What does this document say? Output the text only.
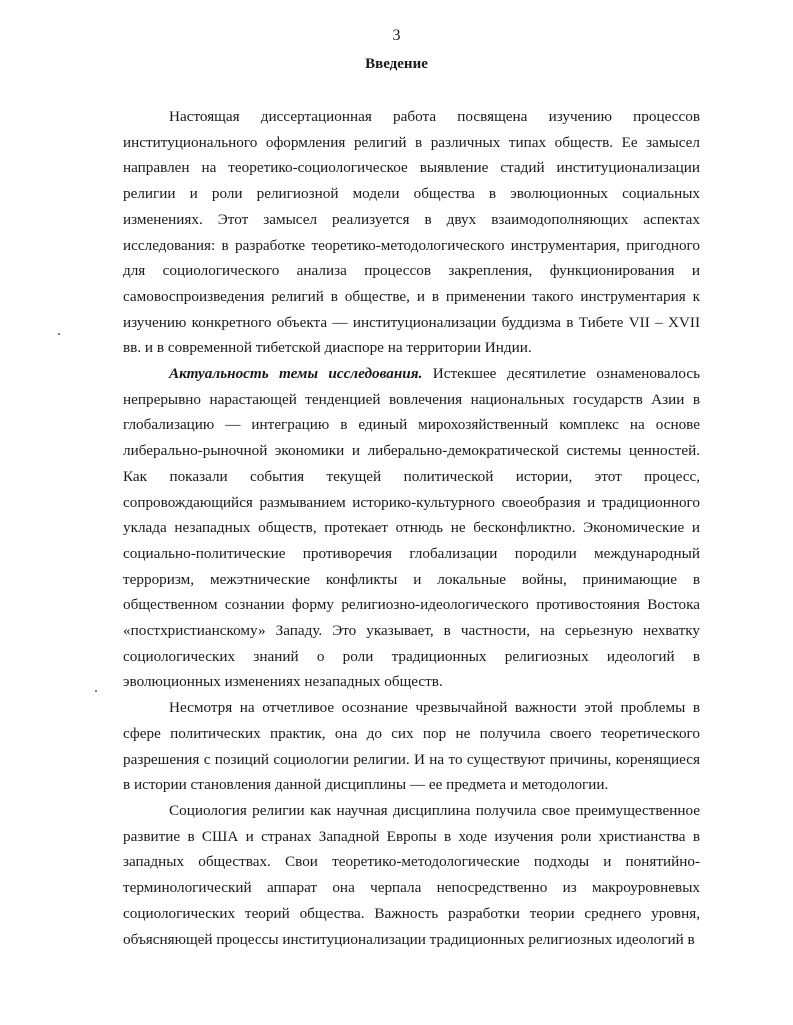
3
Введение

Настоящая диссертационная работа посвящена изучению процессов институционального оформления религий в различных типах обществ. Ее замысел направлен на теоретико-социологическое выявление стадий институционализации религии и роли религиозной модели общества в эволюционных социальных изменениях. Этот замысел реализуется в двух взаимодополняющих аспектах исследования: в разработке теоретико-методологического инструментария, пригодного для социологического анализа процессов закрепления, функционирования и самовоспроизведения религий в обществе, и в применении такого инструментария к изучению конкретного объекта — институционализации буддизма в Тибете VII – XVII вв. и в современной тибетской диаспоре на территории Индии.

Актуальность темы исследования. Истекшее десятилетие ознаменовалось непрерывно нарастающей тенденцией вовлечения национальных государств Азии в глобализацию — интеграцию в единый мирохозяйственный комплекс на основе либерально-рыночной экономики и либерально-демократической системы ценностей. Как показали события текущей политической истории, этот процесс, сопровождающийся размыванием историко-культурного своеобразия и традиционного уклада незападных обществ, протекает отнюдь не бесконфликтно. Экономические и социально-политические противоречия глобализации породили международный терроризм, межэтнические конфликты и локальные войны, принимающие в общественном сознании форму религиозно-идеологического противостояния Востока «постхристианскому» Западу. Это указывает, в частности, на серьезную нехватку социологических знаний о роли традиционных религиозных идеологий в эволюционных изменениях незападных обществ.

Несмотря на отчетливое осознание чрезвычайной важности этой проблемы в сфере политических практик, она до сих пор не получила своего теоретического разрешения с позиций социологии религии. И на то существуют причины, коренящиеся в истории становления данной дисциплины — ее предмета и методологии.

Социология религии как научная дисциплина получила свое преимущественное развитие в США и странах Западной Европы в ходе изучения роли христианства в западных обществах. Свои теоретико-методологические подходы и понятийно-терминологический аппарат она черпала непосредственно из макроуровневых социологических теорий общества. Важность разработки теории среднего уровня, объясняющей процессы институционализации традиционных религиозных идеологий в
